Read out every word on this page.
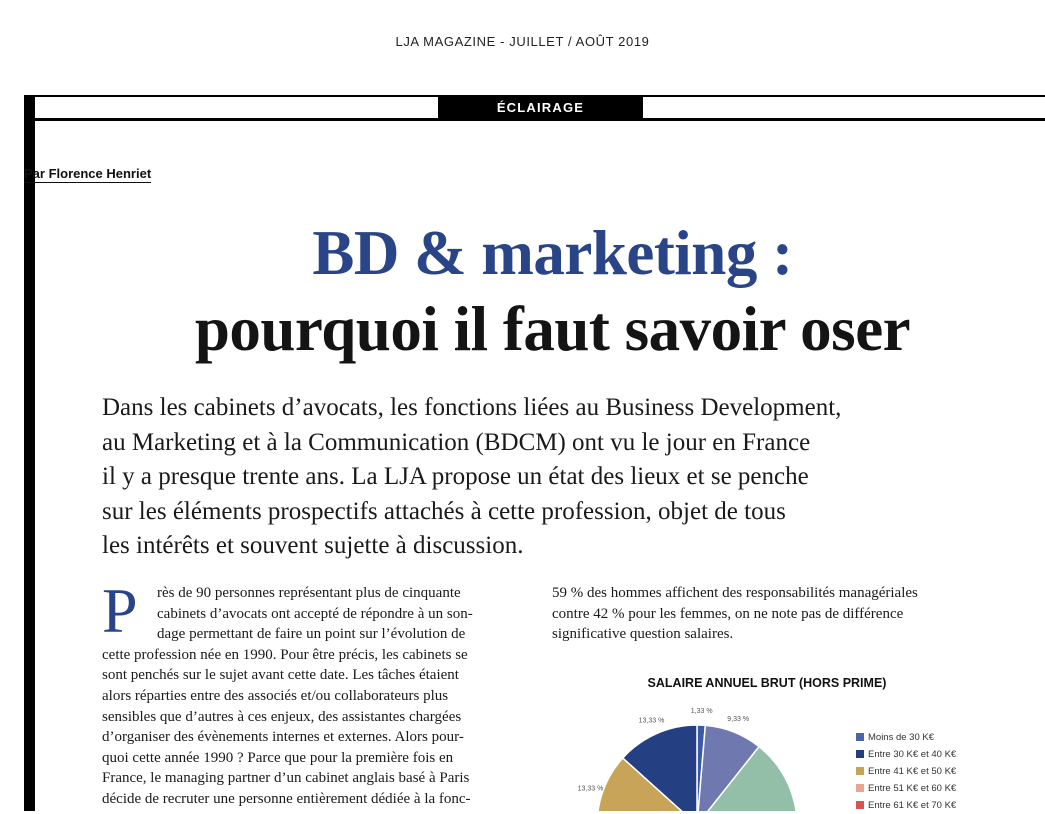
LJA MAGAZINE - JUILLET / AOÛT 2019
ÉCLAIRAGE
Par Florence Henriet
BD & marketing :
pourquoi il faut savoir oser
Dans les cabinets d’avocats, les fonctions liées au Business Development,
au Marketing et à la Communication (BDCM) ont vu le jour en France
il y a presque trente ans. La LJA propose un état des lieux et se penche
sur les éléments prospectifs attachés à cette profession, objet de tous
les intérêts et souvent sujette à discussion.
P	rès de 90 personnes représentant plus de cinquante
cabinets d’avocats ont accepté de répondre à un son-
dage permettant de faire un point sur l’évolution de
cette profession née en 1990. Pour être précis, les cabinets se
sont penchés sur le sujet avant cette date. Les tâches étaient
alors réparties entre des associés et/ou collaborateurs plus
sensibles que d’autres à ces enjeux, des assistantes chargées
d’organiser des évènements internes et externes. Alors pour-
quoi cette année 1990 ? Parce que pour la première fois en
France, le managing partner d’un cabinet anglais basé à Paris
décide de recruter une personne entièrement dédiée à la fonc-
59 % des hommes affichent des responsabilités managériales
contre 42 % pour les femmes, on ne note pas de différence
significative question salaires.
SALAIRE ANNUEL BRUT (HORS PRIME)
1,33 %
9,33 %
13,33 %
13,33 %
Moins de 30 K€
Entre 30 K€ et 40 K€
Entre 41 K€ et 50 K€
Entre 51 K€ et 60 K€
Entre 61 K€ et 70 K€
